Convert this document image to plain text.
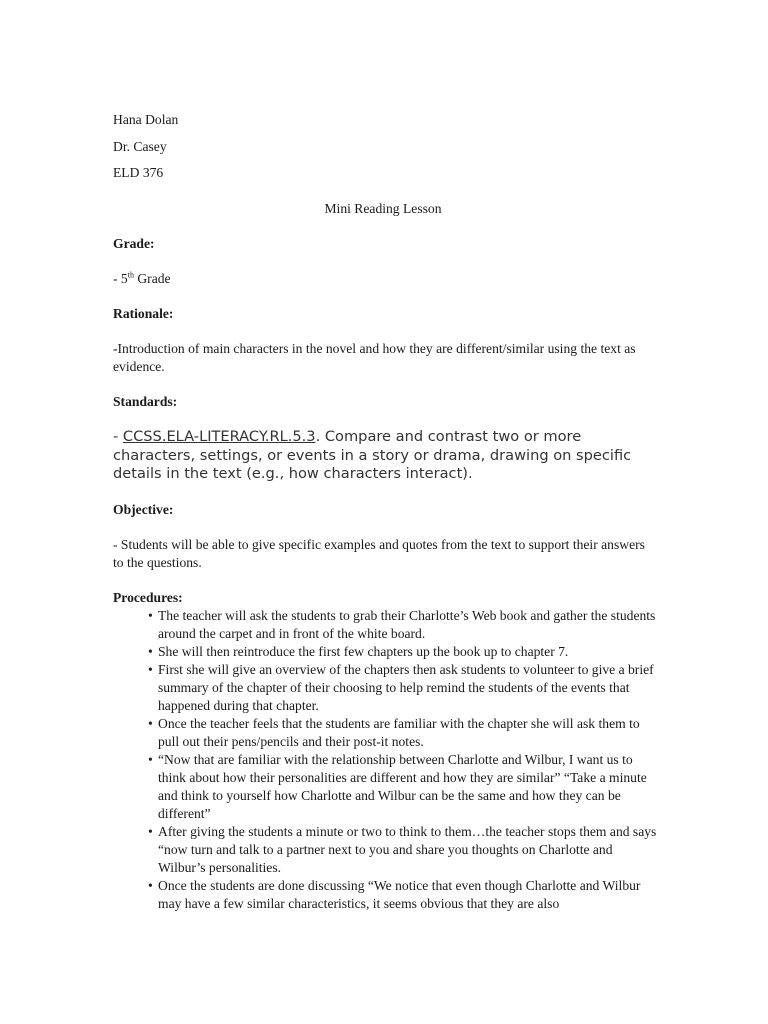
Hana Dolan

Dr. Casey

ELD 376

Mini Reading Lesson

Grade:

- 5th Grade

Rationale:

-Introduction of main characters in the novel and how they are different/similar using the text as evidence.

Standards:

- CCSS.ELA-LITERACY.RL.5.3. Compare and contrast two or more characters, settings, or events in a story or drama, drawing on specific details in the text (e.g., how characters interact).

Objective:

- Students will be able to give specific examples and quotes from the text to support their answers to the questions.

Procedures:

• The teacher will ask the students to grab their Charlotte’s Web book and gather the students around the carpet and in front of the white board.
• She will then reintroduce the first few chapters up the book up to chapter 7.
• First she will give an overview of the chapters then ask students to volunteer to give a brief summary of the chapter of their choosing to help remind the students of the events that happened during that chapter.
• Once the teacher feels that the students are familiar with the chapter she will ask them to pull out their pens/pencils and their post-it notes.
• “Now that are familiar with the relationship between Charlotte and Wilbur, I want us to think about how their personalities are different and how they are similar” “Take a minute and think to yourself how Charlotte and Wilbur can be the same and how they can be different”
• After giving the students a minute or two to think to them…the teacher stops them and says “now turn and talk to a partner next to you and share you thoughts on Charlotte and Wilbur’s personalities.
• Once the students are done discussing “We notice that even though Charlotte and Wilbur may have a few similar characteristics, it seems obvious that they are also
